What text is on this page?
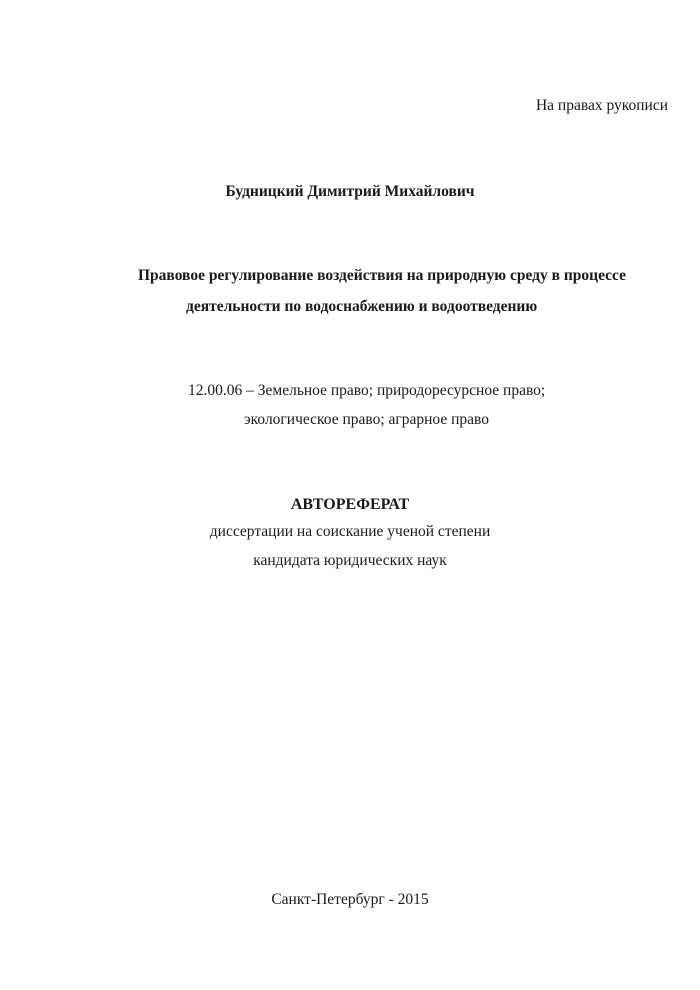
На правах рукописи
Будницкий Димитрий Михайлович
Правовое регулирование воздействия на природную среду в процессе
деятельности по водоснабжению и водоотведению
12.00.06 – Земельное право; природоресурсное право;
экологическое право; аграрное право
АВТОРЕФЕРАТ
диссертации на соискание ученой степени
кандидата юридических наук
Санкт-Петербург - 2015
